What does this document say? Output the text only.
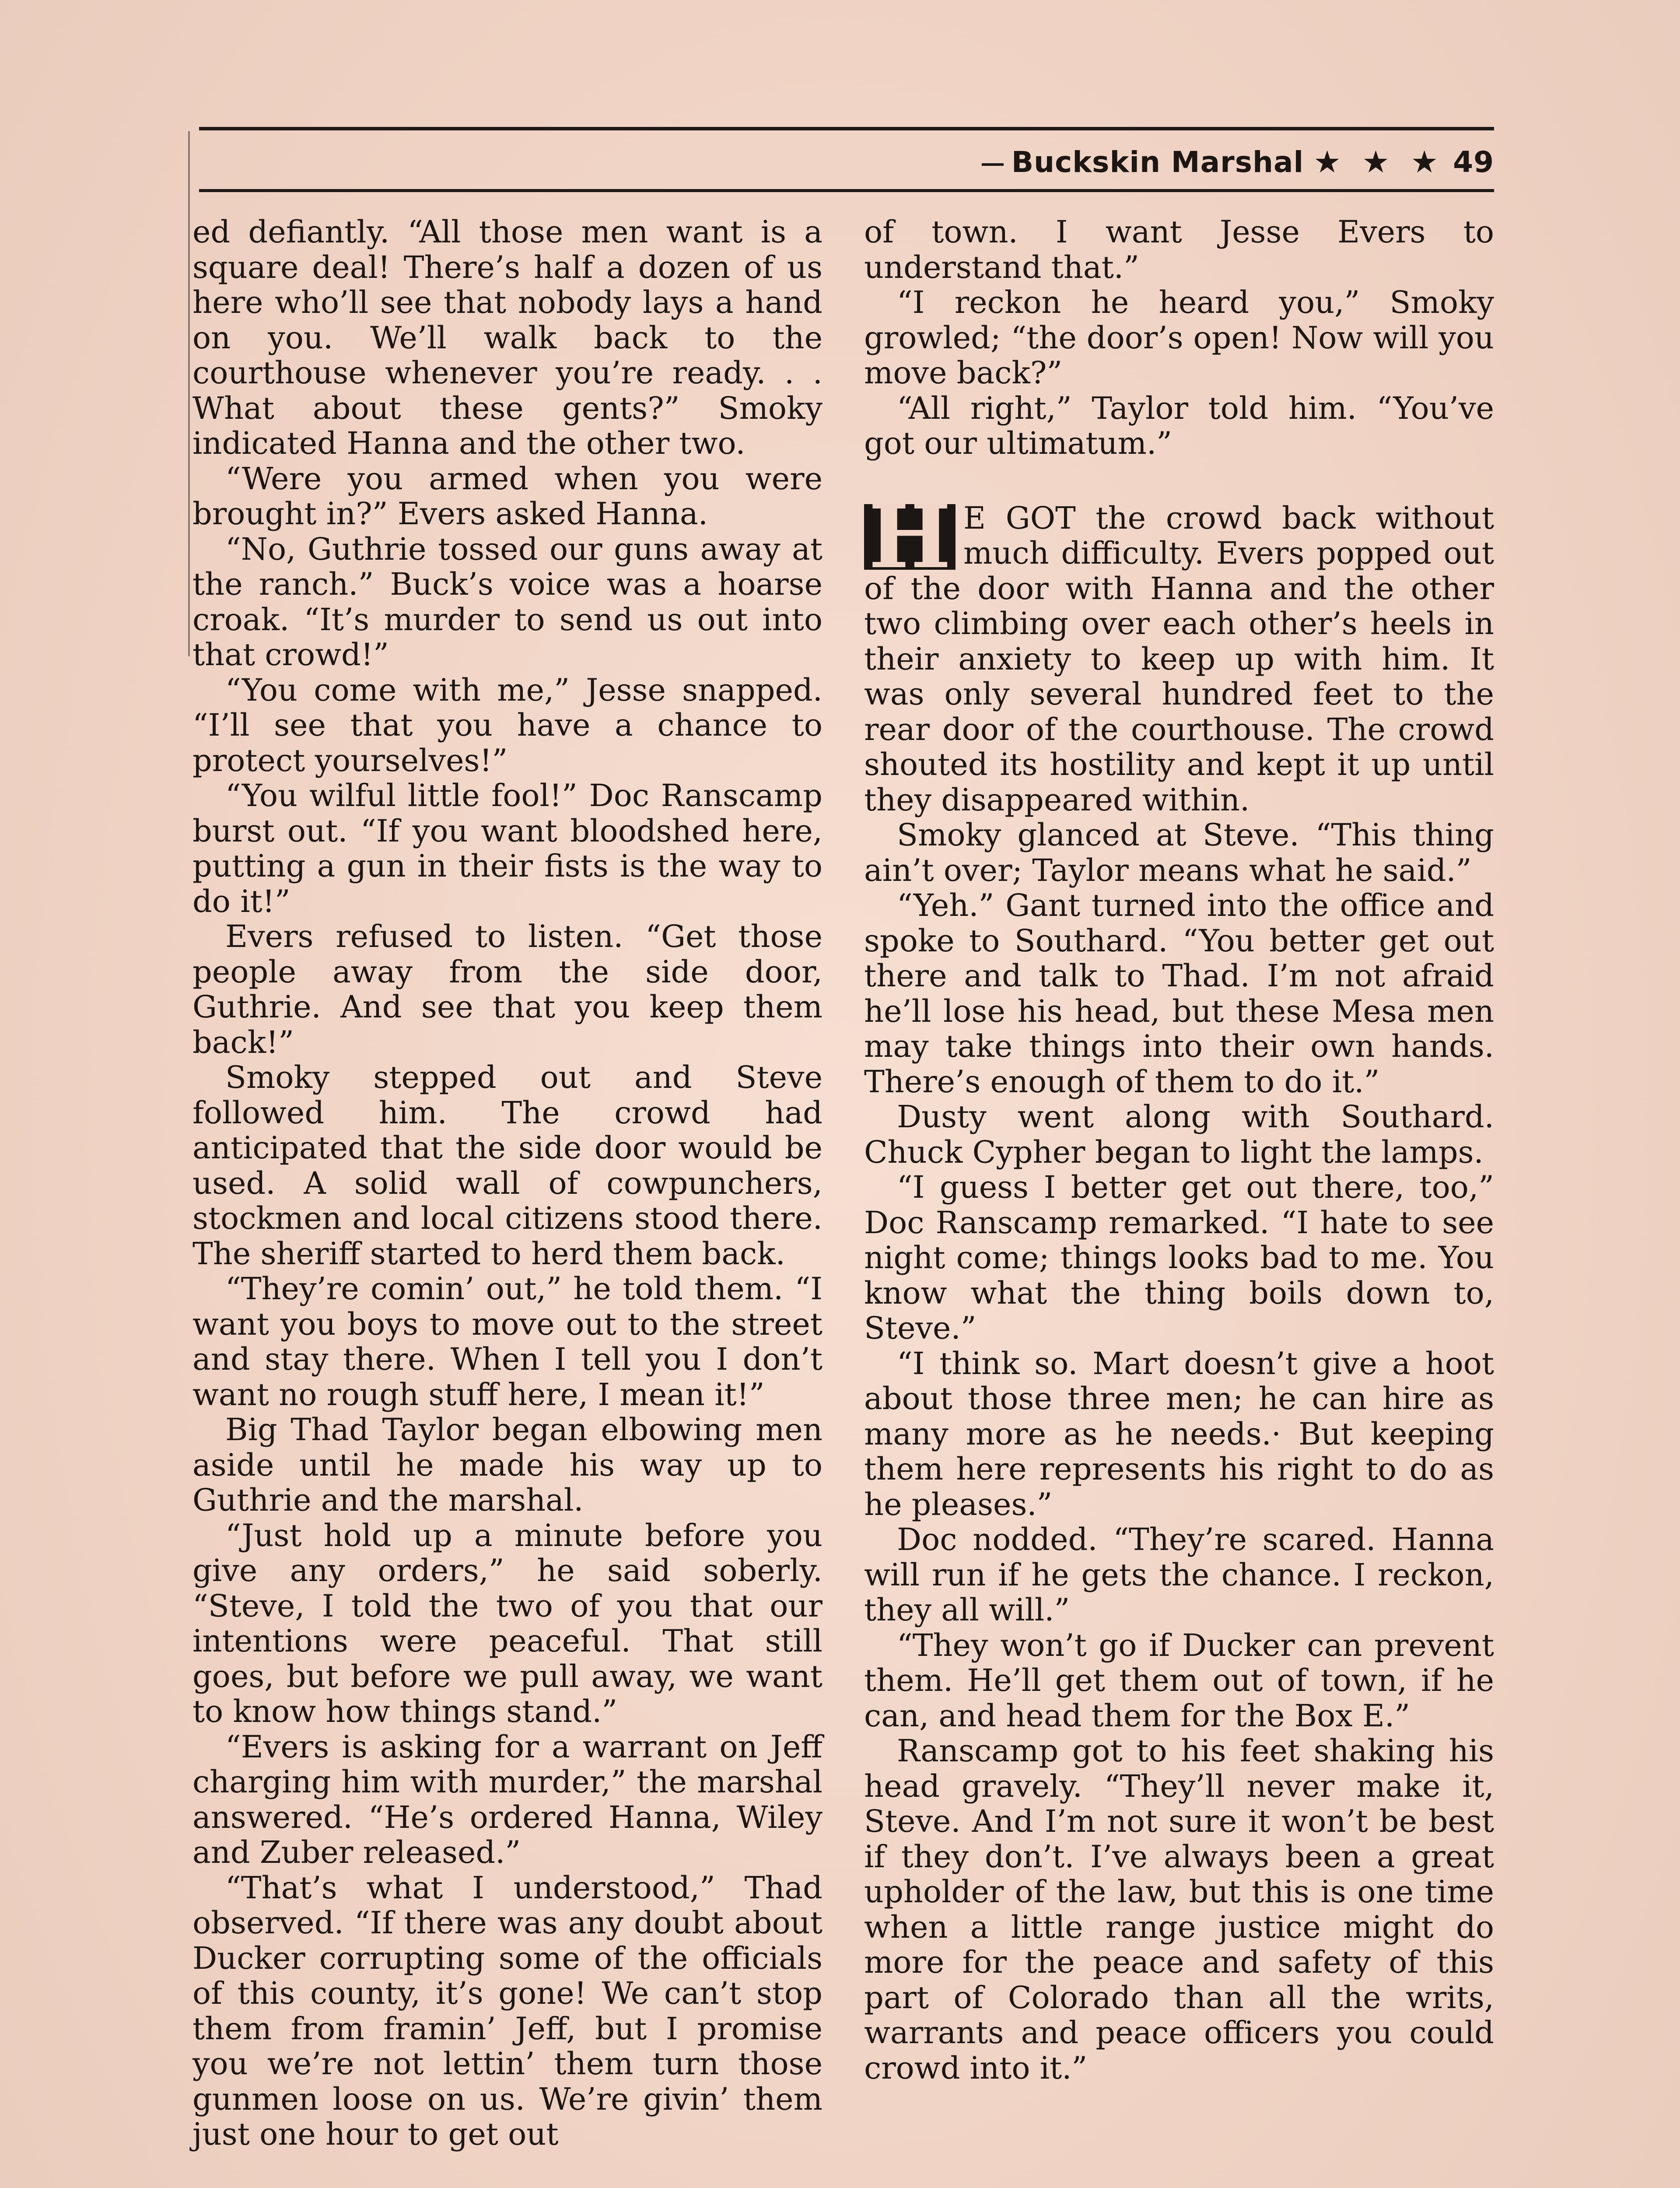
Buckskin Marshal ★ ★ ★ 49

ed defiantly. “All those men want is a square deal! There’s half a dozen of us here who’ll see that nobody lays a hand on you. We’ll walk back to the courthouse whenever you’re ready. . . What about these gents?” Smoky indicated Hanna and the other two.

“Were you armed when you were brought in?” Evers asked Hanna.

“No, Guthrie tossed our guns away at the ranch.” Buck’s voice was a hoarse croak. “It’s murder to send us out into that crowd!”

“You come with me,” Jesse snapped. “I’ll see that you have a chance to protect yourselves!”

“You wilful little fool!” Doc Ranscamp burst out. “If you want bloodshed here, putting a gun in their fists is the way to do it!”

Evers refused to listen. “Get those people away from the side door, Guthrie. And see that you keep them back!”

Smoky stepped out and Steve followed him. The crowd had anticipated that the side door would be used. A solid wall of cowpunchers, stockmen and local citizens stood there. The sheriff started to herd them back.

“They’re comin’ out,” he told them. “I want you boys to move out to the street and stay there. When I tell you I don’t want no rough stuff here, I mean it!”

Big Thad Taylor began elbowing men aside until he made his way up to Guthrie and the marshal.

“Just hold up a minute before you give any orders,” he said soberly. “Steve, I told the two of you that our intentions were peaceful. That still goes, but before we pull away, we want to know how things stand.”

“Evers is asking for a warrant on Jeff charging him with murder,” the marshal answered. “He’s ordered Hanna, Wiley and Zuber released.”

“That’s what I understood,” Thad observed. “If there was any doubt about Ducker corrupting some of the officials of this county, it’s gone! We can’t stop them from framin’ Jeff, but I promise you we’re not lettin’ them turn those gunmen loose on us. We’re givin’ them just one hour to get out

of town. I want Jesse Evers to understand that.”

“I reckon he heard you,” Smoky growled; “the door’s open! Now will you move back?”

“All right,” Taylor told him. “You’ve got our ultimatum.”

H E GOT the crowd back without much difficulty. Evers popped out of the door with Hanna and the other two climbing over each other’s heels in their anxiety to keep up with him. It was only several hundred feet to the rear door of the courthouse. The crowd shouted its hostility and kept it up until they disappeared within.

Smoky glanced at Steve. “This thing ain’t over; Taylor means what he said.”

“Yeh.” Gant turned into the office and spoke to Southard. “You better get out there and talk to Thad. I’m not afraid he’ll lose his head, but these Mesa men may take things into their own hands. There’s enough of them to do it.”

Dusty went along with Southard. Chuck Cypher began to light the lamps.

“I guess I better get out there, too,” Doc Ranscamp remarked. “I hate to see night come; things looks bad to me. You know what the thing boils down to, Steve.”

“I think so. Mart doesn’t give a hoot about those three men; he can hire as many more as he needs.· But keeping them here represents his right to do as he pleases.”

Doc nodded. “They’re scared. Hanna will run if he gets the chance. I reckon, they all will.”

“They won’t go if Ducker can prevent them. He’ll get them out of town, if he can, and head them for the Box E.”

Ranscamp got to his feet shaking his head gravely. “They’ll never make it, Steve. And I’m not sure it won’t be best if they don’t. I’ve always been a great upholder of the law, but this is one time when a little range justice might do more for the peace and safety of this part of Colorado than all the writs, warrants and peace officers you could crowd into it.”
